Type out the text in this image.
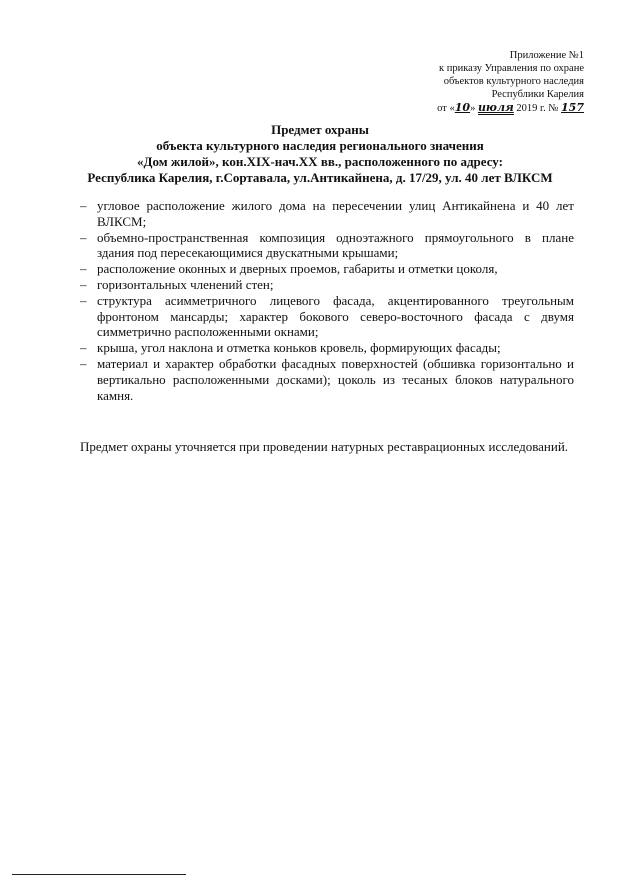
Приложение №1
к приказу Управления по охране
объектов культурного наследия
Республики Карелия
от «10» июля 2019 г. № 157
Предмет охраны
объекта культурного наследия регионального значения
«Дом жилой», кон.XIX-нач.XX вв., расположенного по адресу:
Республика Карелия, г.Сортавала, ул.Антикайнена, д. 17/29, ул. 40 лет ВЛКСМ
– угловое расположение жилого дома на пересечении улиц Антикайнена и 40 лет ВЛКСМ;
– объемно-пространственная композиция одноэтажного прямоугольного в плане здания под пересекающимися двускатными крышами;
– расположение оконных и дверных проемов, габариты и отметки цоколя,
– горизонтальных членений стен;
– структура асимметричного лицевого фасада, акцентированного треугольным фронтоном мансарды; характер бокового северо-восточного фасада с двумя симметрично расположенными окнами;
– крыша, угол наклона и отметка коньков кровель, формирующих фасады;
– материал и характер обработки фасадных поверхностей (обшивка горизонтально и вертикально расположенными досками); цоколь из тесаных блоков натурального камня.

Предмет охраны уточняется при проведении натурных реставрационных исследований.
